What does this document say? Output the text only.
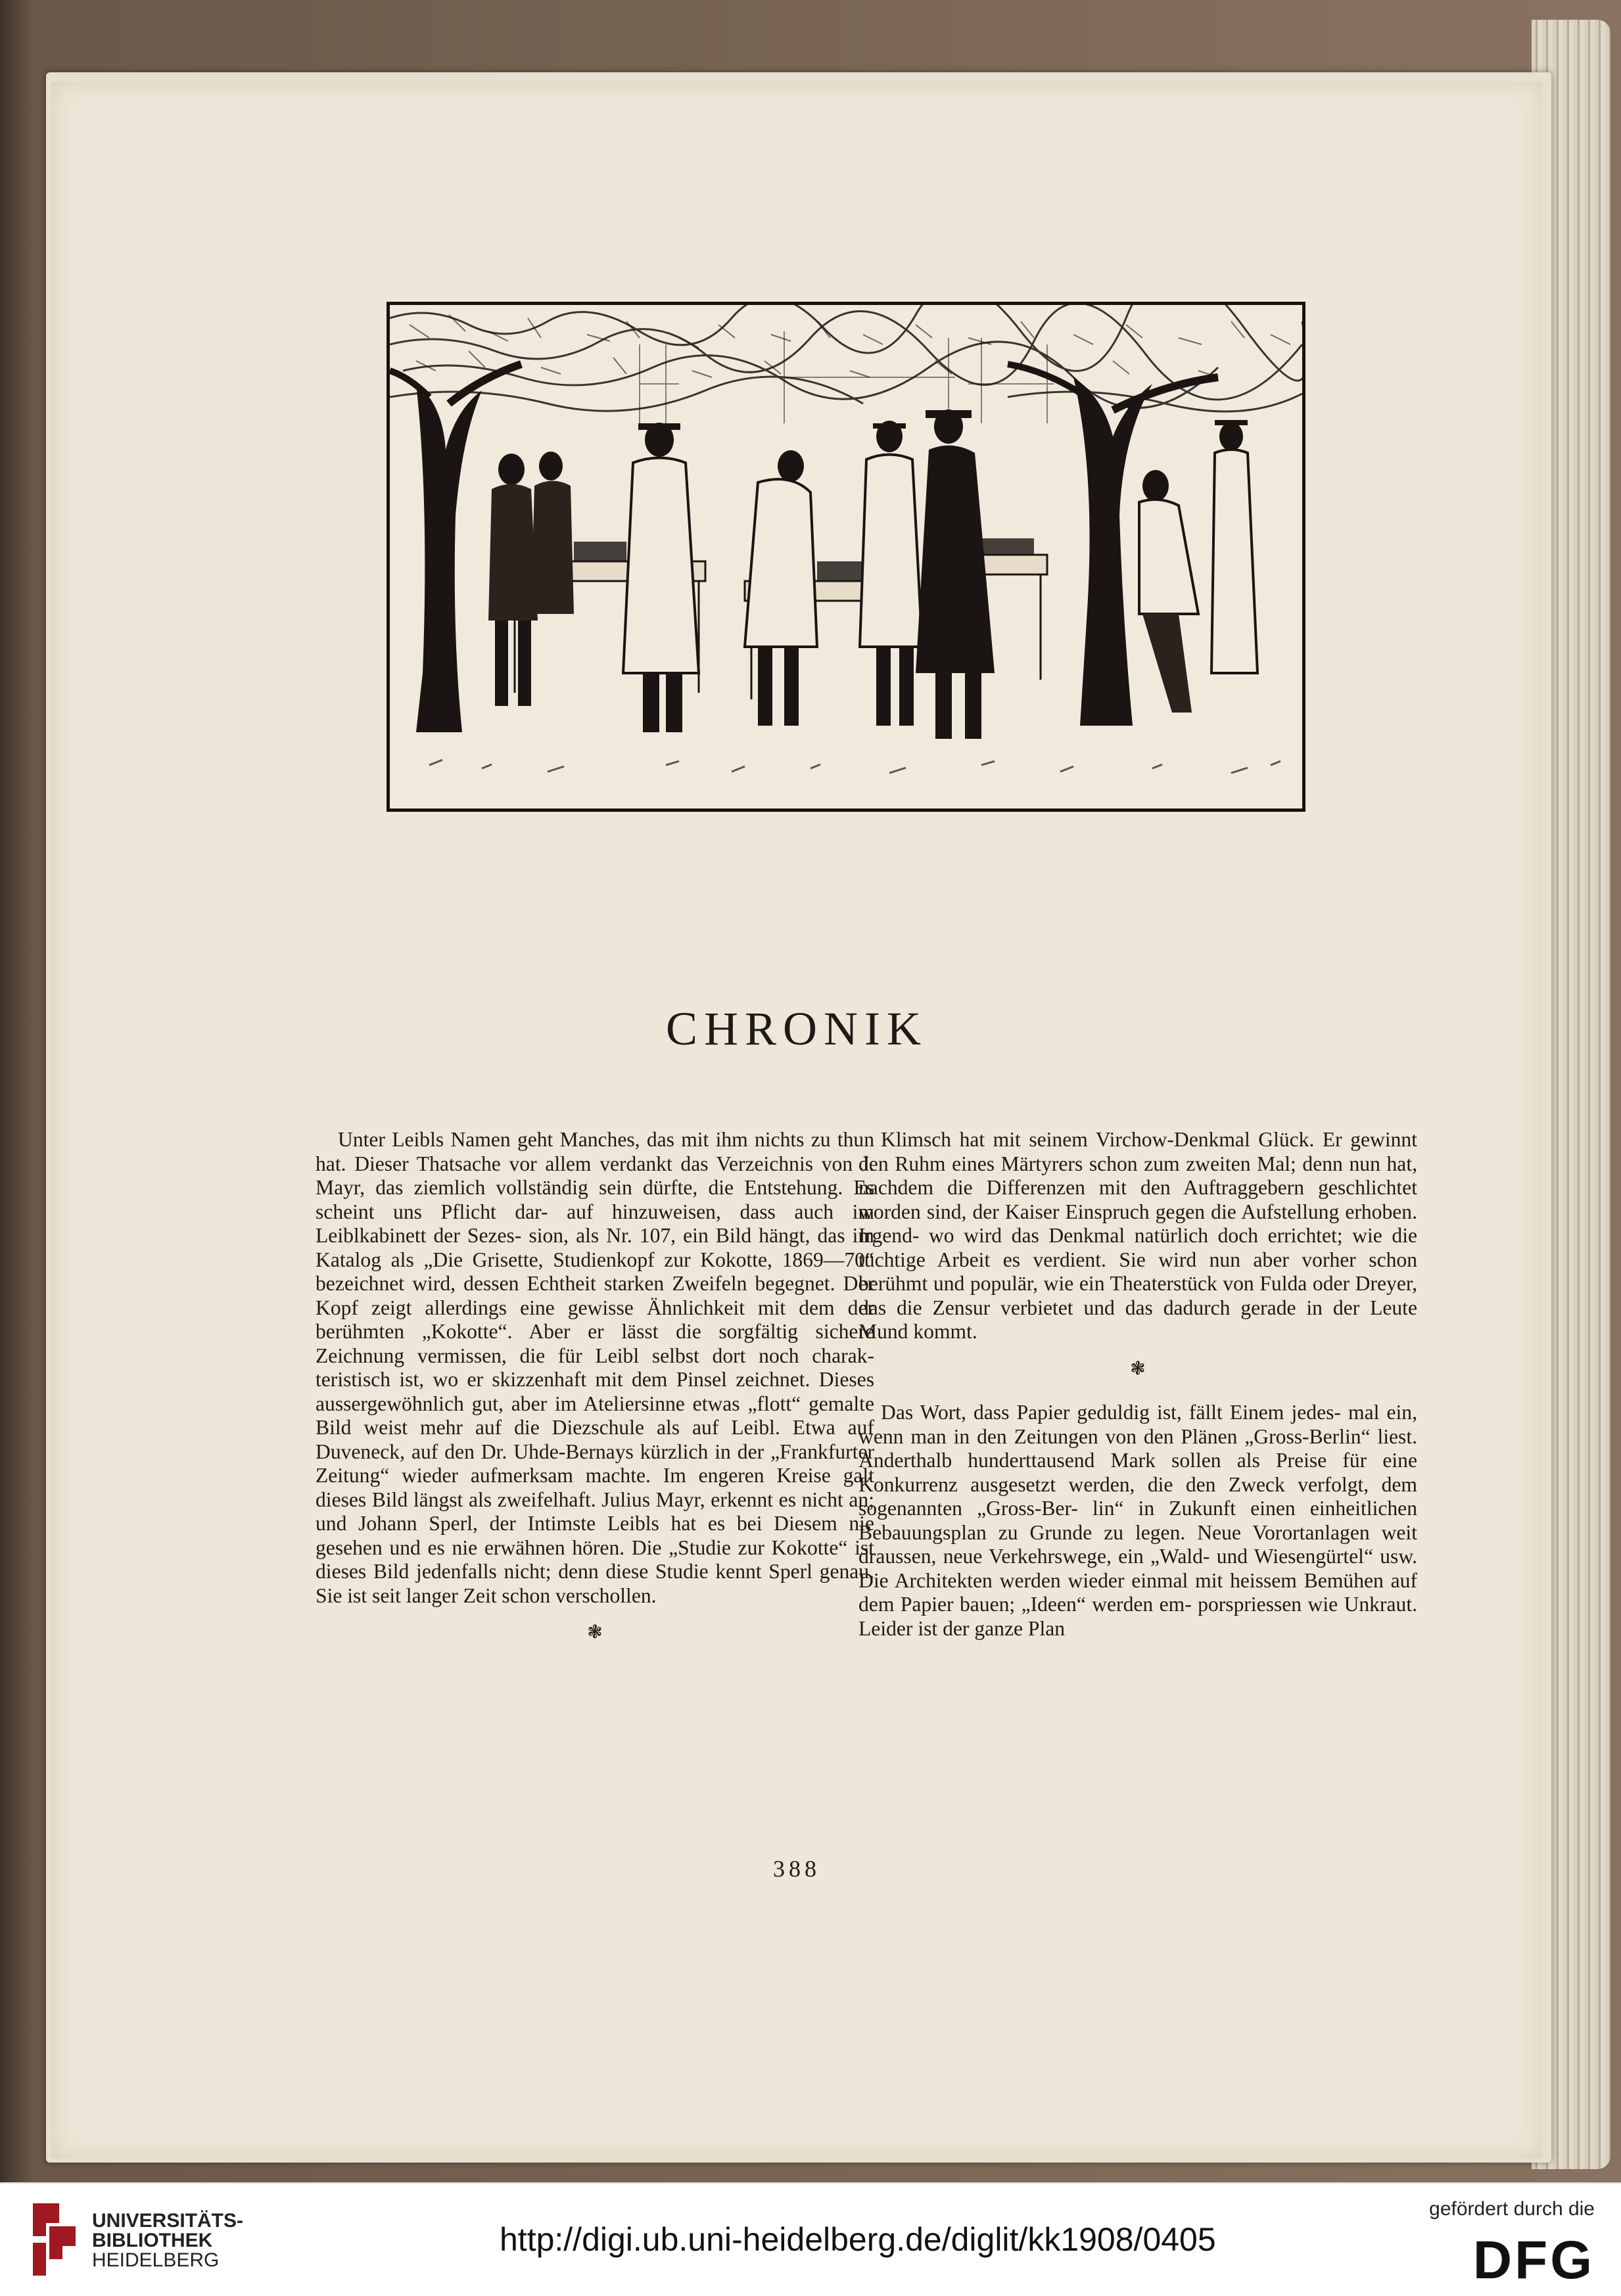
CHRONIK

Unter Leibls Namen geht Manches, das mit ihm nichts zu thun hat. Dieser Thatsache vor allem verdankt das Verzeichnis von J. Mayr, das ziemlich vollständig sein dürfte, die Entstehung. Es scheint uns Pflicht dar- auf hinzuweisen, dass auch im Leiblkabinett der Sezes- sion, als Nr. 107, ein Bild hängt, das im Katalog als „Die Grisette, Studienkopf zur Kokotte, 1869—70“ bezeichnet wird, dessen Echtheit starken Zweifeln begegnet. Der Kopf zeigt allerdings eine gewisse Ähnlichkeit mit dem der berühmten „Kokotte“. Aber er lässt die sorgfältig sichere Zeichnung vermissen, die für Leibl selbst dort noch charak- teristisch ist, wo er skizzenhaft mit dem Pinsel zeichnet. Dieses aussergewöhnlich gut, aber im Ateliersinne etwas „flott“ gemalte Bild weist mehr auf die Diezschule als auf Leibl. Etwa auf Duveneck, auf den Dr. Uhde-Bernays kürzlich in der „Frankfurter Zeitung“ wieder aufmerksam machte. Im engeren Kreise galt dieses Bild längst als zweifelhaft. Julius Mayr, erkennt es nicht an; und Johann Sperl, der Intimste Leibls hat es bei Diesem nie gesehen und es nie erwähnen hören. Die „Studie zur Kokotte“ ist dieses Bild jedenfalls nicht; denn diese Studie kennt Sperl genau. Sie ist seit langer Zeit schon verschollen.

❃

Klimsch hat mit seinem Virchow-Denkmal Glück. Er gewinnt den Ruhm eines Märtyrers schon zum zweiten Mal; denn nun hat, nachdem die Differenzen mit den Auftraggebern geschlichtet worden sind, der Kaiser Einspruch gegen die Aufstellung erhoben. Irgend- wo wird das Denkmal natürlich doch errichtet; wie die tüchtige Arbeit es verdient. Sie wird nun aber vorher schon berühmt und populär, wie ein Theaterstück von Fulda oder Dreyer, das die Zensur verbietet und das dadurch gerade in der Leute Mund kommt.

❃

Das Wort, dass Papier geduldig ist, fällt Einem jedes- mal ein, wenn man in den Zeitungen von den Plänen „Gross-Berlin“ liest. Anderthalb hunderttausend Mark sollen als Preise für eine Konkurrenz ausgesetzt werden, die den Zweck verfolgt, dem sogenannten „Gross-Ber- lin“ in Zukunft einen einheitlichen Bebauungsplan zu Grunde zu legen. Neue Vorortanlagen weit draussen, neue Verkehrswege, ein „Wald- und Wiesengürtel“ usw. Die Architekten werden wieder einmal mit heissem Bemühen auf dem Papier bauen; „Ideen“ werden em- porspriessen wie Unkraut. Leider ist der ganze Plan

388
UNIVERSITÄTS-
BIBLIOTHEK

HEIDELBERG
http://digi.ub.uni-heidelberg.de/diglit/kk1908/0405
gefördert durch die
DFG
